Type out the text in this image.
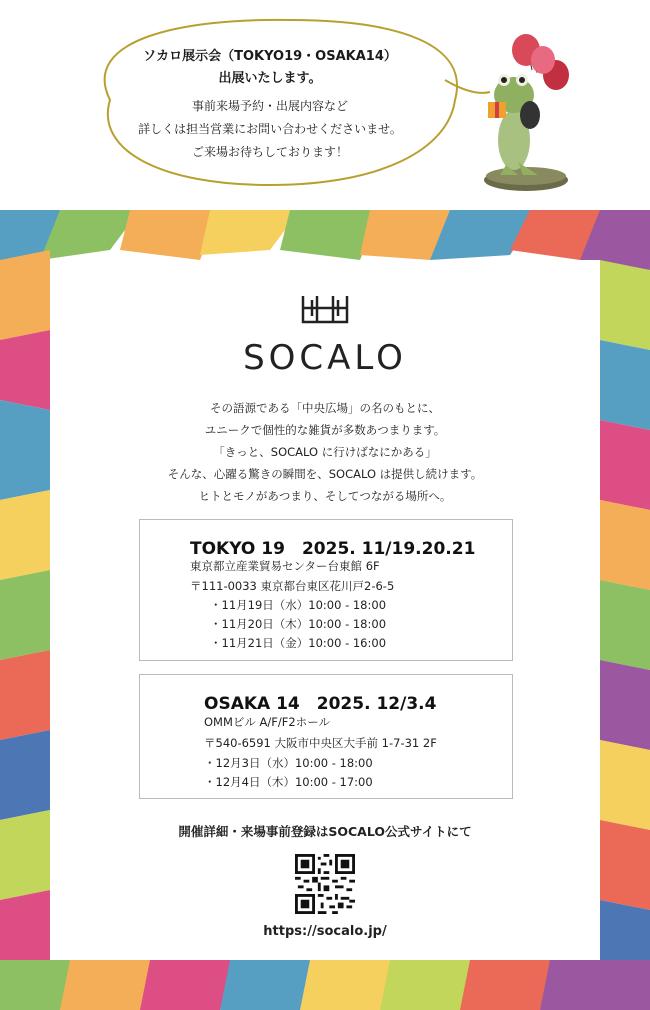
ソカロ展示会（TOKYO19・OSAKA14）
出展いたします。
事前来場予約・出展内容など
詳しくは担当営業にお問い合わせくださいませ。
ご来場お待ちしております！
SOCALO
その語源である「中央広場」の名のもとに、
ユニークで個性的な雑貨が多数あつまります。
「きっと、SOCALO に行けばなにかある」
そんな、心躍る驚きの瞬間を、SOCALO は提供し続けます。
ヒトとモノがあつまり、そしてつながる場所へ。
TOKYO 19　2025. 11/19.20.21
東京都立産業貿易センター台東館 6F
〒111-0033 東京都台東区花川戸2-6-5
・11月19日（水）10:00 - 18:00
・11月20日（木）10:00 - 18:00
・11月21日（金）10:00 - 16:00
OSAKA 14　2025. 12/3.4
OMMビル A/F/F2ホール
〒540-6591 大阪市中央区大手前 1-7-31 2F
・12月3日（水）10:00 - 18:00
・12月4日（木）10:00 - 17:00
開催詳細・来場事前登録はSOCALO公式サイトにて
https://socalo.jp/
